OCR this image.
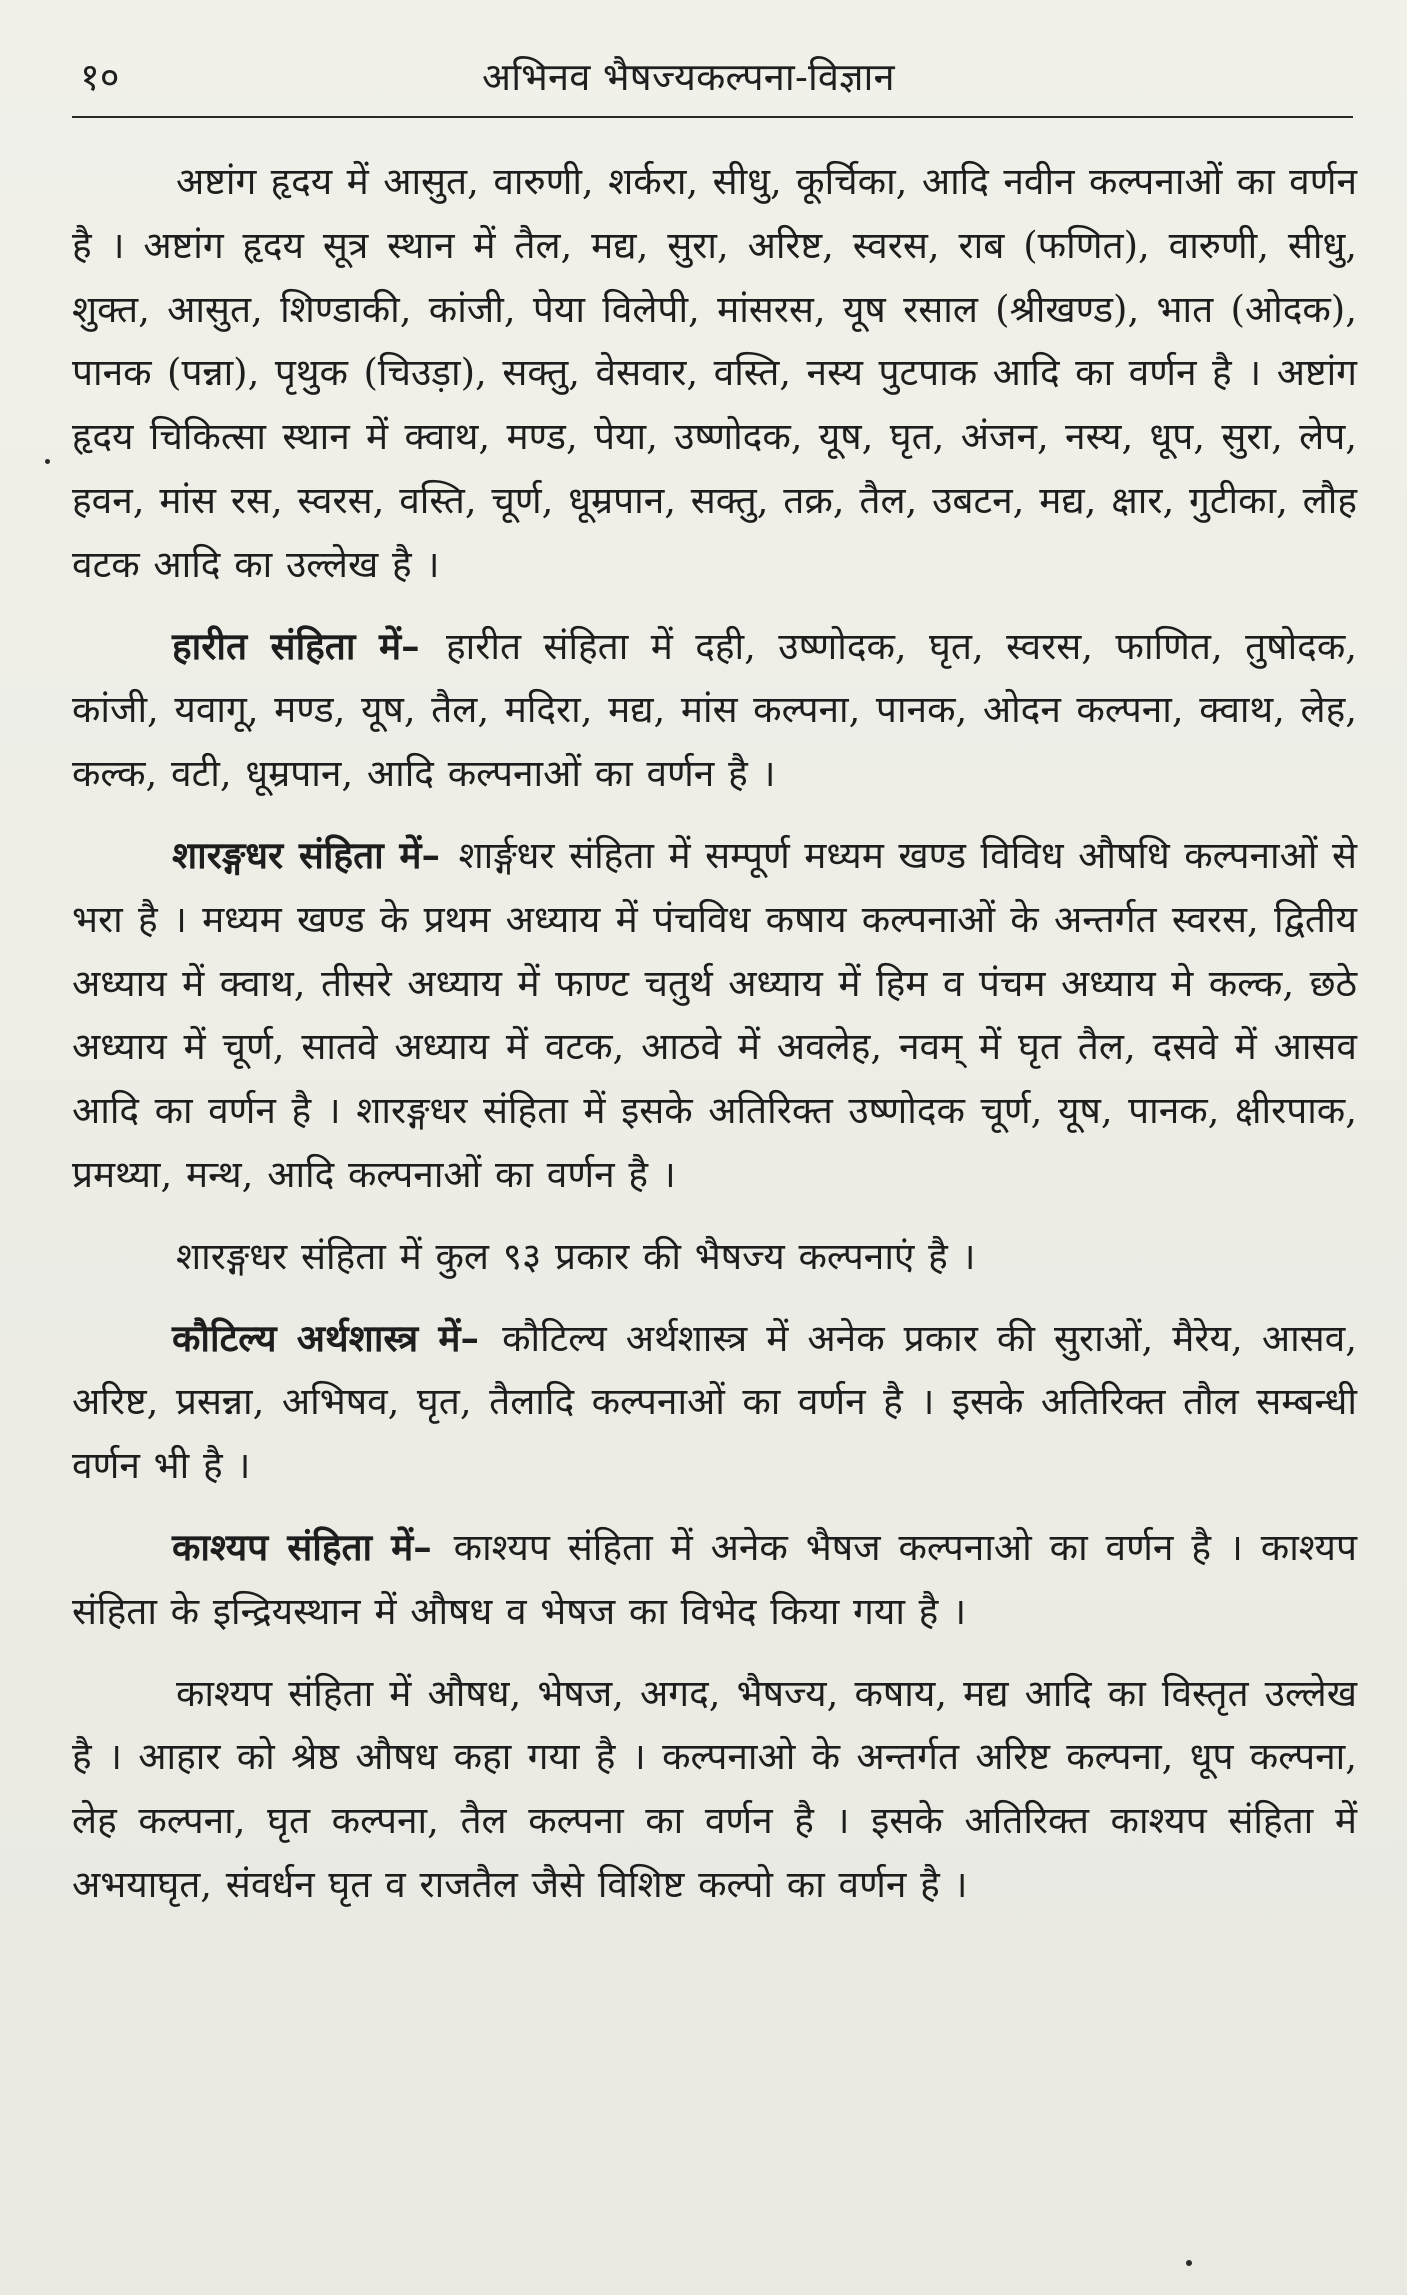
१०	अभिनव भैषज्यकल्पना-विज्ञान

अष्टांग हृदय में आसुत, वारुणी, शर्करा, सीधु, कूर्चिका, आदि नवीन कल्पनाओं का वर्णन है । अष्टांग हृदय सूत्र स्थान में तैल, मद्य, सुरा, अरिष्ट, स्वरस, राब (फणित), वारुणी, सीधु, शुक्त, आसुत, शिण्डाकी, कांजी, पेया विलेपी, मांसरस, यूष रसाल (श्रीखण्ड), भात (ओदक), पानक (पन्ना), पृथुक (चिउड़ा), सक्तु, वेसवार, वस्ति, नस्य पुटपाक आदि का वर्णन है । अष्टांग हृदय चिकित्सा स्थान में क्वाथ, मण्ड, पेया, उष्णोदक, यूष, घृत, अंजन, नस्य, धूप, सुरा, लेप, हवन, मांस रस, स्वरस, वस्ति, चूर्ण, धूम्रपान, सक्तु, तक्र, तैल, उबटन, मद्य, क्षार, गुटीका, लौह वटक आदि का उल्लेख है ।

हारीत संहिता में– हारीत संहिता में दही, उष्णोदक, घृत, स्वरस, फाणित, तुषोदक, कांजी, यवागू, मण्ड, यूष, तैल, मदिरा, मद्य, मांस कल्पना, पानक, ओदन कल्पना, क्वाथ, लेह, कल्क, वटी, धूम्रपान, आदि कल्पनाओं का वर्णन है ।

शारङ्गधर संहिता में– शार्ङ्गधर संहिता में सम्पूर्ण मध्यम खण्ड विविध औषधि कल्पनाओं से भरा है । मध्यम खण्ड के प्रथम अध्याय में पंचविध कषाय कल्पनाओं के अन्तर्गत स्वरस, द्वितीय अध्याय में क्वाथ, तीसरे अध्याय में फाण्ट चतुर्थ अध्याय में हिम व पंचम अध्याय मे कल्क, छठे अध्याय में चूर्ण, सातवे अध्याय में वटक, आठवे में अवलेह, नवम् में घृत तैल, दसवे में आसव आदि का वर्णन है । शारङ्गधर संहिता में इसके अतिरिक्त उष्णोदक चूर्ण, यूष, पानक, क्षीरपाक, प्रमथ्या, मन्थ, आदि कल्पनाओं का वर्णन है ।

शारङ्गधर संहिता में कुल ९३ प्रकार की भैषज्य कल्पनाएं है ।

कौटिल्य अर्थशास्त्र में– कौटिल्य अर्थशास्त्र में अनेक प्रकार की सुराओं, मैरेय, आसव, अरिष्ट, प्रसन्ना, अभिषव, घृत, तैलादि कल्पनाओं का वर्णन है । इसके अतिरिक्त तौल सम्बन्धी वर्णन भी है ।

काश्यप संहिता में– काश्यप संहिता में अनेक भैषज कल्पनाओ का वर्णन है । काश्यप संहिता के इन्द्रियस्थान में औषध व भेषज का विभेद किया गया है ।

काश्यप संहिता में औषध, भेषज, अगद, भैषज्य, कषाय, मद्य आदि का विस्तृत उल्लेख है । आहार को श्रेष्ठ औषध कहा गया है । कल्पनाओ के अन्तर्गत अरिष्ट कल्पना, धूप कल्पना, लेह कल्पना, घृत कल्पना, तैल कल्पना का वर्णन है । इसके अतिरिक्त काश्यप संहिता में अभयाघृत, संवर्धन घृत व राजतैल जैसे विशिष्ट कल्पो का वर्णन है ।
